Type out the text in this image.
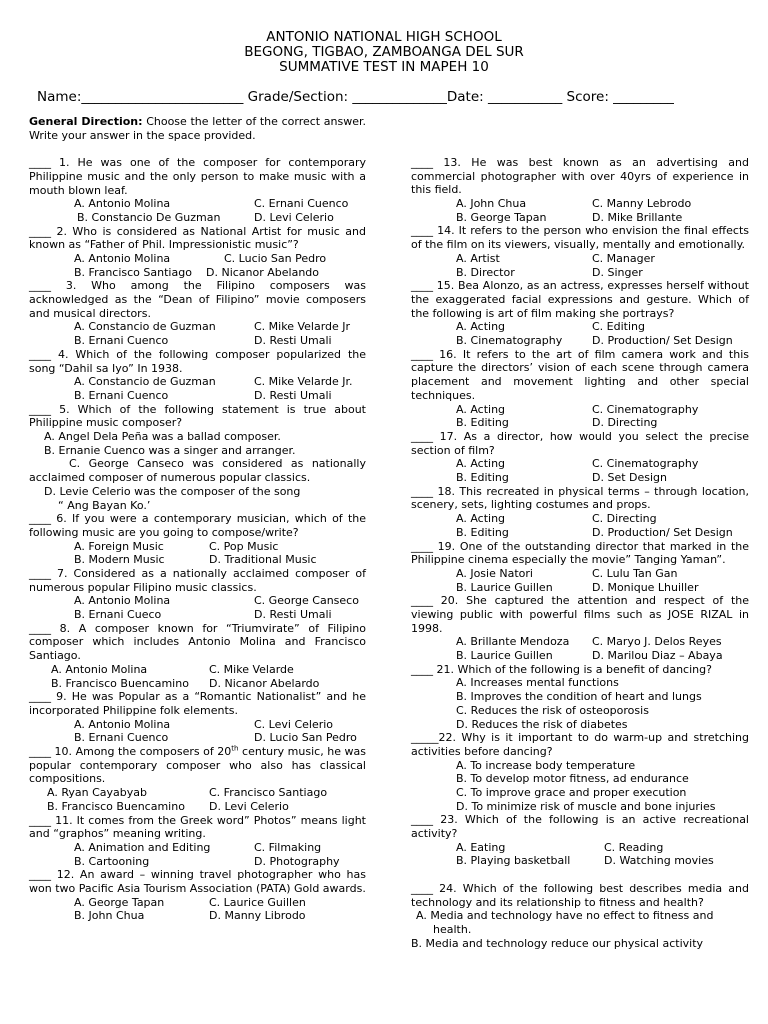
ANTONIO NATIONAL HIGH SCHOOL
BEGONG, TIGBAO, ZAMBOANGA DEL SUR
SUMMATIVE TEST IN MAPEH 10
Name:________________________ Grade/Section: ______________Date: ___________ Score: _________

General Direction: Choose the letter of the correct answer. Write your answer in the space provided.

____ 1. He was one of the composer for contemporary Philippine music and the only person to make music with a mouth blown leaf.

A. Antonio Molina	C. Ernani Cuenco
B. Constancio De Guzman	D. Levi Celerio

____ 2. Who is considered as National Artist for music and known as “Father of Phil. Impressionistic music”?

A. Antonio Molina	C. Lucio San Pedro
B. Francisco Santiago D. Nicanor Abelando

____ 3. Who among the Filipino composers was acknowledged as the “Dean of Filipino” movie composers and musical directors.

A. Constancio de Guzman	C. Mike Velarde Jr
B. Ernani Cuenco	D. Resti Umali

____ 4. Which of the following composer popularized the song “Dahil sa Iyo” In 1938.

A. Constancio de Guzman	C. Mike Velarde Jr.
B. Ernani Cuenco	D. Resti Umali

____ 5. Which of the following statement is true about Philippine music composer?

A. Angel Dela Peña was a ballad composer.
B. Ernanie Cuenco was a singer and arranger.

C. George Canseco was considered as nationally acclaimed composer of numerous popular classics.

D. Levie Celerio was the composer of the song
“ Ang Bayan Ko.’

____ 6. If you were a contemporary musician, which of the following music are you going to compose/write?

A. Foreign Music	C. Pop Music
B. Modern Music	D. Traditional Music

____ 7. Considered as a nationally acclaimed composer of numerous popular Filipino music classics.

A. Antonio Molina	C. George Canseco
B. Ernani Cueco	D. Resti Umali

____ 8. A composer known for “Triumvirate” of Filipino composer which includes Antonio Molina and Francisco Santiago.

A. Antonio Molina	C. Mike Velarde
B. Francisco Buencamino D. Nicanor Abelardo

____ 9. He was Popular as a “Romantic Nationalist” and he incorporated Philippine folk elements.

A. Antonio Molina	C. Levi Celerio
B. Ernani Cuenco	D. Lucio San Pedro

____ 10. Among the composers of 20th century music, he was popular contemporary composer who also has classical compositions.

A. Ryan Cayabyab	C. Francisco Santiago
B. Francisco Buencamino D. Levi Celerio

____ 11. It comes from the Greek word” Photos” means light and “graphos” meaning writing.

A. Animation and Editing	C. Filmaking
B. Cartooning	D. Photography

____ 12. An award – winning travel photographer who has won two Pacific Asia Tourism Association (PATA) Gold awards.

A. George Tapan	C. Laurice Guillen
B. John Chua	D. Manny Librodo

____ 13. He was best known as an advertising and commercial photographer with over 40yrs of experience in this field.

A. John Chua	C. Manny Lebrodo
B. George Tapan	D. Mike Brillante

____ 14. It refers to the person who envision the final effects of the film on its viewers, visually, mentally and emotionally.

A. Artist	C. Manager
B. Director	D. Singer

____ 15. Bea Alonzo, as an actress, expresses herself without the exaggerated facial expressions and gesture. Which of the following is art of film making she portrays?

A. Acting	C. Editing
B. Cinematography	D. Production/ Set Design

____ 16. It refers to the art of film camera work and this capture the directors’ vision of each scene through camera placement and movement lighting and other special techniques.

A. Acting	C. Cinematography
B. Editing	D. Directing

____ 17. As a director, how would you select the precise section of film?

A. Acting	C. Cinematography
B. Editing	D. Set Design

____ 18. This recreated in physical terms – through location, scenery, sets, lighting costumes and props.

A. Acting	C. Directing
B. Editing	D. Production/ Set Design

____ 19. One of the outstanding director that marked in the Philippine cinema especially the movie” Tanging Yaman”.

A. Josie Natori	C. Lulu Tan Gan
B. Laurice Guillen	D. Monique Lhuiller

____ 20. She captured the attention and respect of the viewing public with powerful films such as JOSE RIZAL in 1998.

A. Brillante Mendoza C. Maryo J. Delos Reyes
B. Laurice Guillen	D. Marilou Diaz – Abaya

____ 21. Which of the following is a benefit of dancing?

A. Increases mental functions
B. Improves the condition of heart and lungs
C. Reduces the risk of osteoporosis
D. Reduces the risk of diabetes

_____22. Why is it important to do warm-up and stretching activities before dancing?

A. To increase body temperature
B. To develop motor fitness, ad endurance
C. To improve grace and proper execution
D. To minimize risk of muscle and bone injuries

____ 23. Which of the following is an active recreational activity?

A. Eating	C. Reading
B. Playing basketball	D. Watching movies

____ 24. Which of the following best describes media and technology and its relationship to fitness and health?

A. Media and technology have no effect to fitness and
health.
B. Media and technology reduce our physical activity
